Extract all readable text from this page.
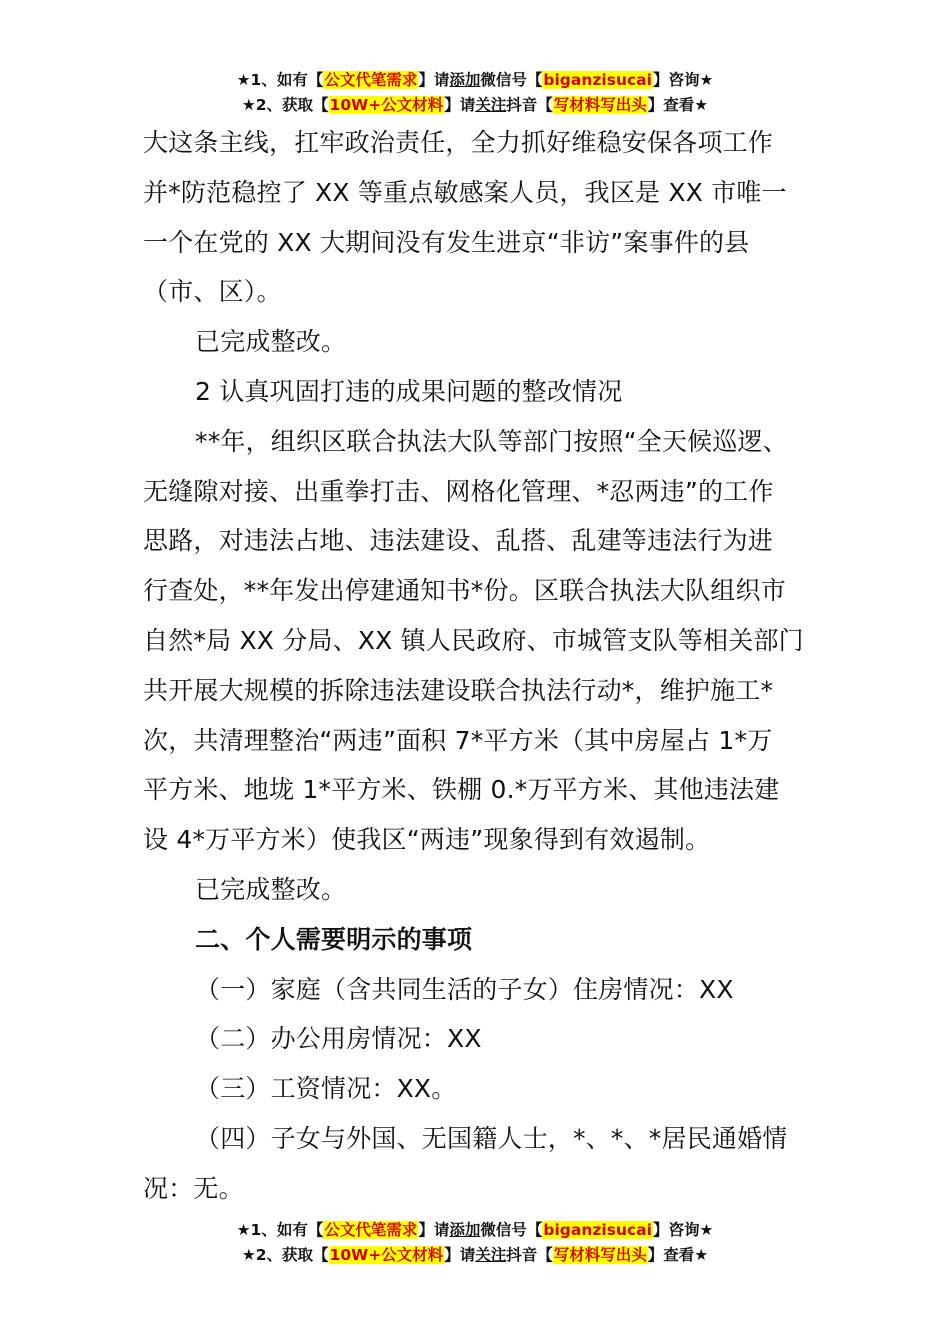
★1、如有【公文代笔需求】请添加微信号【biganzisucai】咨询★
★2、获取【10W+公文材料】请关注抖音【写材料写出头】查看★

大这条主线，扛牢政治责任，全力抓好维稳安保各项工作

并*防范稳控了 XX 等重点敏感案人员，我区是 XX 市唯一

一个在党的 XX 大期间没有发生进京“非访”案事件的县

（市、区）。

已完成整改。

2 认真巩固打违的成果问题的整改情况

**年，组织区联合执法大队等部门按照“全天候巡逻、

无缝隙对接、出重拳打击、网格化管理、*忍两违”的工作

思路，对违法占地、违法建设、乱搭、乱建等违法行为进

行查处，**年发出停建通知书*份。区联合执法大队组织市

自然*局 XX 分局、XX 镇人民政府、市城管支队等相关部门

共开展大规模的拆除违法建设联合执法行动*，维护施工*

次，共清理整治“两违”面积 7*平方米（其中房屋占 1*万

平方米、地垅 1*平方米、铁棚 0.*万平方米、其他违法建

设 4*万平方米）使我区“两违”现象得到有效遏制。

已完成整改。

二、个人需要明示的事项

（一）家庭（含共同生活的子女）住房情况：XX

（二）办公用房情况：XX

（三）工资情况：XX。

（四）子女与外国、无国籍人士，*、*、*居民通婚情

况：无。

★1、如有【公文代笔需求】请添加微信号【biganzisucai】咨询★
★2、获取【10W+公文材料】请关注抖音【写材料写出头】查看★
